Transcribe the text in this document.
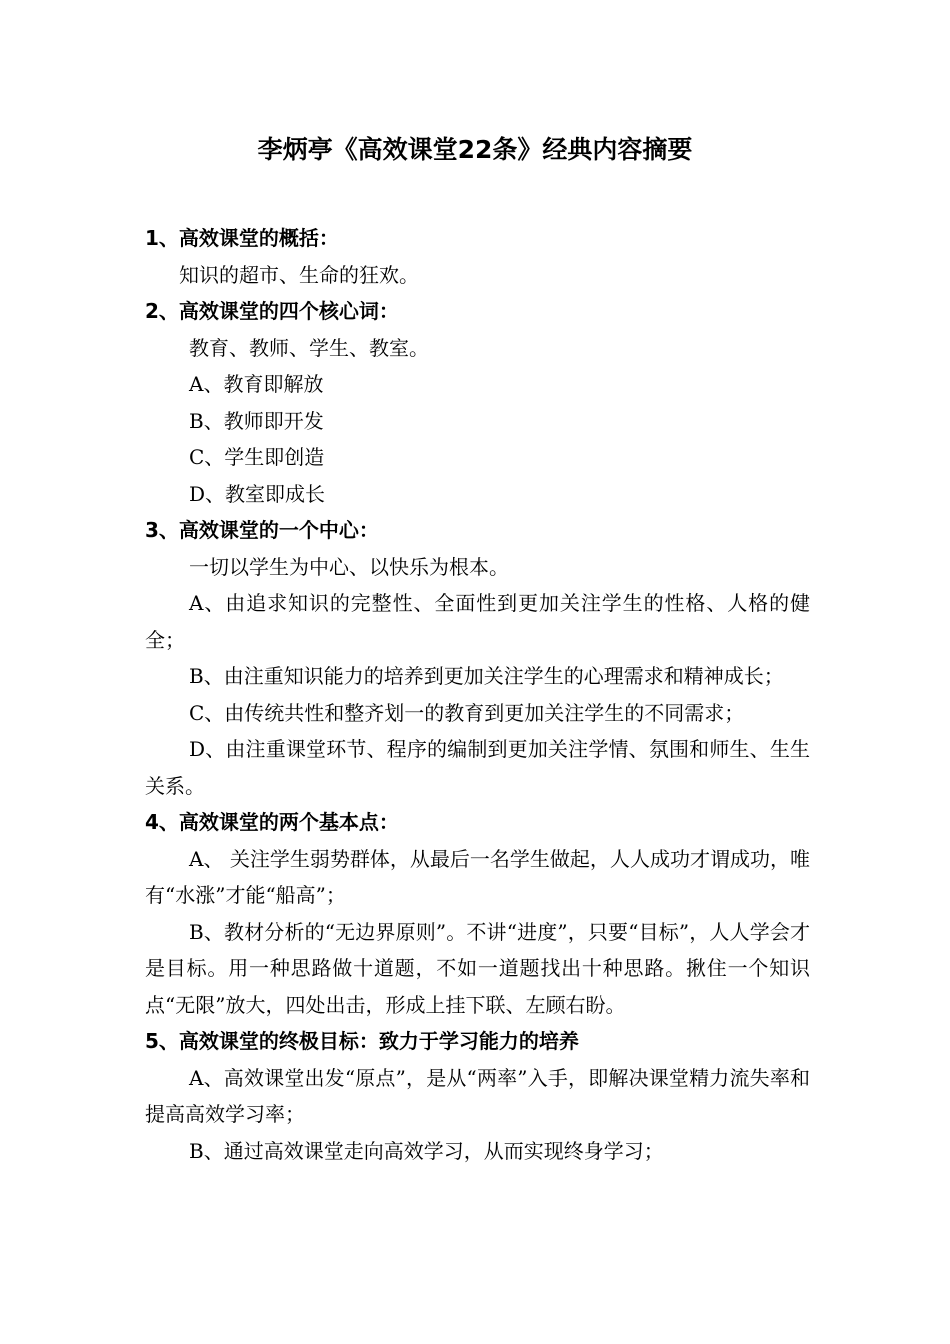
李炳亭《高效课堂22条》经典内容摘要

1、高效课堂的概括：

知识的超市、生命的狂欢。

2、高效课堂的四个核心词：

教育、教师、学生、教室。

A、教育即解放

B、教师即开发

C、学生即创造

D、教室即成长

3、高效课堂的一个中心：

一切以学生为中心、以快乐为根本。

A、由追求知识的完整性、全面性到更加关注学生的性格、人格的健全；

B、由注重知识能力的培养到更加关注学生的心理需求和精神成长；

C、由传统共性和整齐划一的教育到更加关注学生的不同需求；

D、由注重课堂环节、程序的编制到更加关注学情、氛围和师生、生生关系。

4、高效课堂的两个基本点：

A、 关注学生弱势群体，从最后一名学生做起，人人成功才谓成功，唯有“水涨”才能“船高”；

B、教材分析的“无边界原则”。不讲“进度”，只要“目标”，人人学会才是目标。用一种思路做十道题，不如一道题找出十种思路。揪住一个知识点“无限”放大，四处出击，形成上挂下联、左顾右盼。

5、高效课堂的终极目标：致力于学习能力的培养

A、高效课堂出发“原点”，是从“两率”入手，即解决课堂精力流失率和提高高效学习率；

B、通过高效课堂走向高效学习，从而实现终身学习；
